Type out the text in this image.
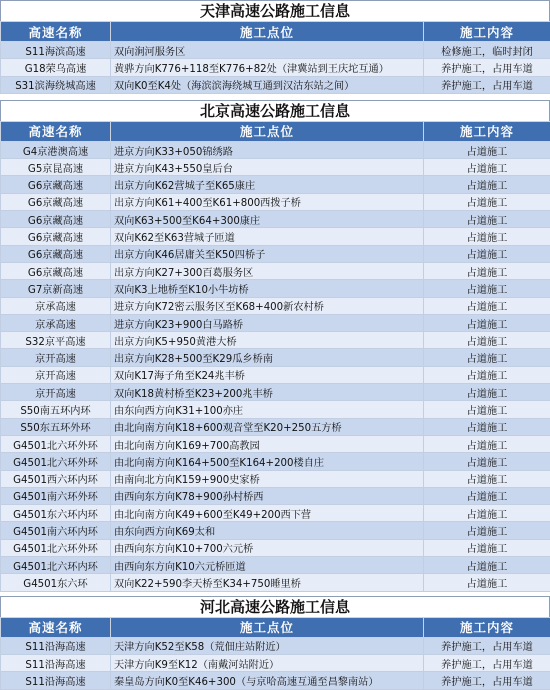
天津高速公路施工信息
高速名称	施工点位	施工内容
S11海滨高速	双向涧河服务区	检修施工，临时封闭
G18荣乌高速	黄骅方向K776+118至K776+82处（津冀站到王庆坨互通）	养护施工，占用车道
S31滨海绕城高速	双向K0至K4处（海滨滨海绕城互通到汉沽东站之间）	养护施工，占用车道
北京高速公路施工信息
高速名称	施工点位	施工内容
G4京港澳高速	进京方向K33+050锦绣路	占道施工
G5京昆高速	进京方向K43+550皇后台	占道施工
G6京藏高速	出京方向K62营城子至K65康庄	占道施工
G6京藏高速	出京方向K61+400至K61+800西拨子桥	占道施工
G6京藏高速	双向K63+500至K64+300康庄	占道施工
G6京藏高速	双向K62至K63营城子匝道	占道施工
G6京藏高速	出京方向K46居庸关至K50四桥子	占道施工
G6京藏高速	出京方向K27+300百葛服务区	占道施工
G7京新高速	双向K3上地桥至K10小牛坊桥	占道施工
京承高速	进京方向K72密云服务区至K68+400新农村桥	占道施工
京承高速	进京方向K23+900白马路桥	占道施工
S32京平高速	出京方向K5+950黄港大桥	占道施工
京开高速	出京方向K28+500至K29瓜乡桥南	占道施工
京开高速	双向K17海子角至K24兆丰桥	占道施工
京开高速	双向K18黄村桥至K23+200兆丰桥	占道施工
S50南五环内环	由东向西方向K31+100亦庄	占道施工
S50东五环外环	由北向南方向K18+600观音堂至K20+250五方桥	占道施工
G4501北六环外环	由北向南方向K169+700高教园	占道施工
G4501北六环外环	由北向南方向K164+500至K164+200楼自庄	占道施工
G4501西六环内环	由南向北方向K159+900史家桥	占道施工
G4501南六环外环	由西向东方向K78+900孙村桥西	占道施工
G4501东六环内环	由北向南方向K49+600至K49+200西下营	占道施工
G4501南六环内环	由东向西方向K69太和	占道施工
G4501北六环外环	由西向东方向K10+700六元桥	占道施工
G4501北六环内环	由西向东方向K10六元桥匝道	占道施工
G4501东六环	双向K22+590李天桥至K34+750睡里桥	占道施工
河北高速公路施工信息
高速名称	施工点位	施工内容
S11沿海高速	天津方向K52至K58（荒佃庄站附近）	养护施工，占用车道
S11沿海高速	天津方向K9至K12（南戴河站附近）	养护施工，占用车道
S11沿海高速	秦皇岛方向K0至K46+300（与京哈高速互通至昌黎南站）	养护施工，占用车道
